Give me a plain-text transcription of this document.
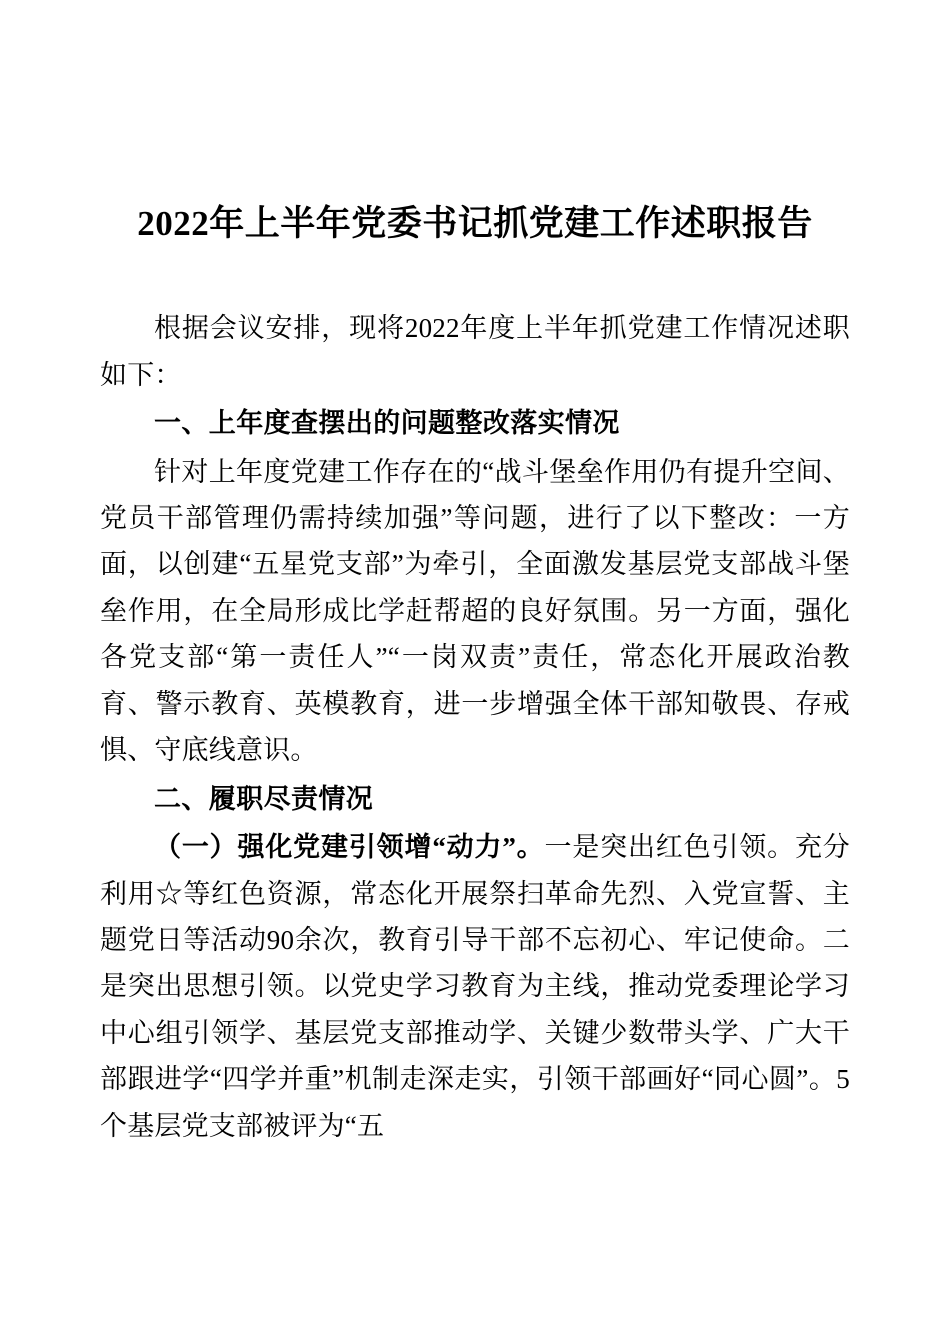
2022年上半年党委书记抓党建工作述职报告

根据会议安排，现将2022年度上半年抓党建工作情况述职如下：

一、上年度查摆出的问题整改落实情况

针对上年度党建工作存在的“战斗堡垒作用仍有提升空间、党员干部管理仍需持续加强”等问题，进行了以下整改：一方面，以创建“五星党支部”为牵引，全面激发基层党支部战斗堡垒作用，在全局形成比学赶帮超的良好氛围。另一方面，强化各党支部“第一责任人”“一岗双责”责任，常态化开展政治教育、警示教育、英模教育，进一步增强全体干部知敬畏、存戒惧、守底线意识。

二、履职尽责情况

（一）强化党建引领增“动力”。一是突出红色引领。充分利用☆等红色资源，常态化开展祭扫革命先烈、入党宣誓、主题党日等活动90余次，教育引导干部不忘初心、牢记使命。二是突出思想引领。以党史学习教育为主线，推动党委理论学习中心组引领学、基层党支部推动学、关键少数带头学、广大干部跟进学“四学并重”机制走深走实，引领干部画好“同心圆”。5个基层党支部被评为“五
